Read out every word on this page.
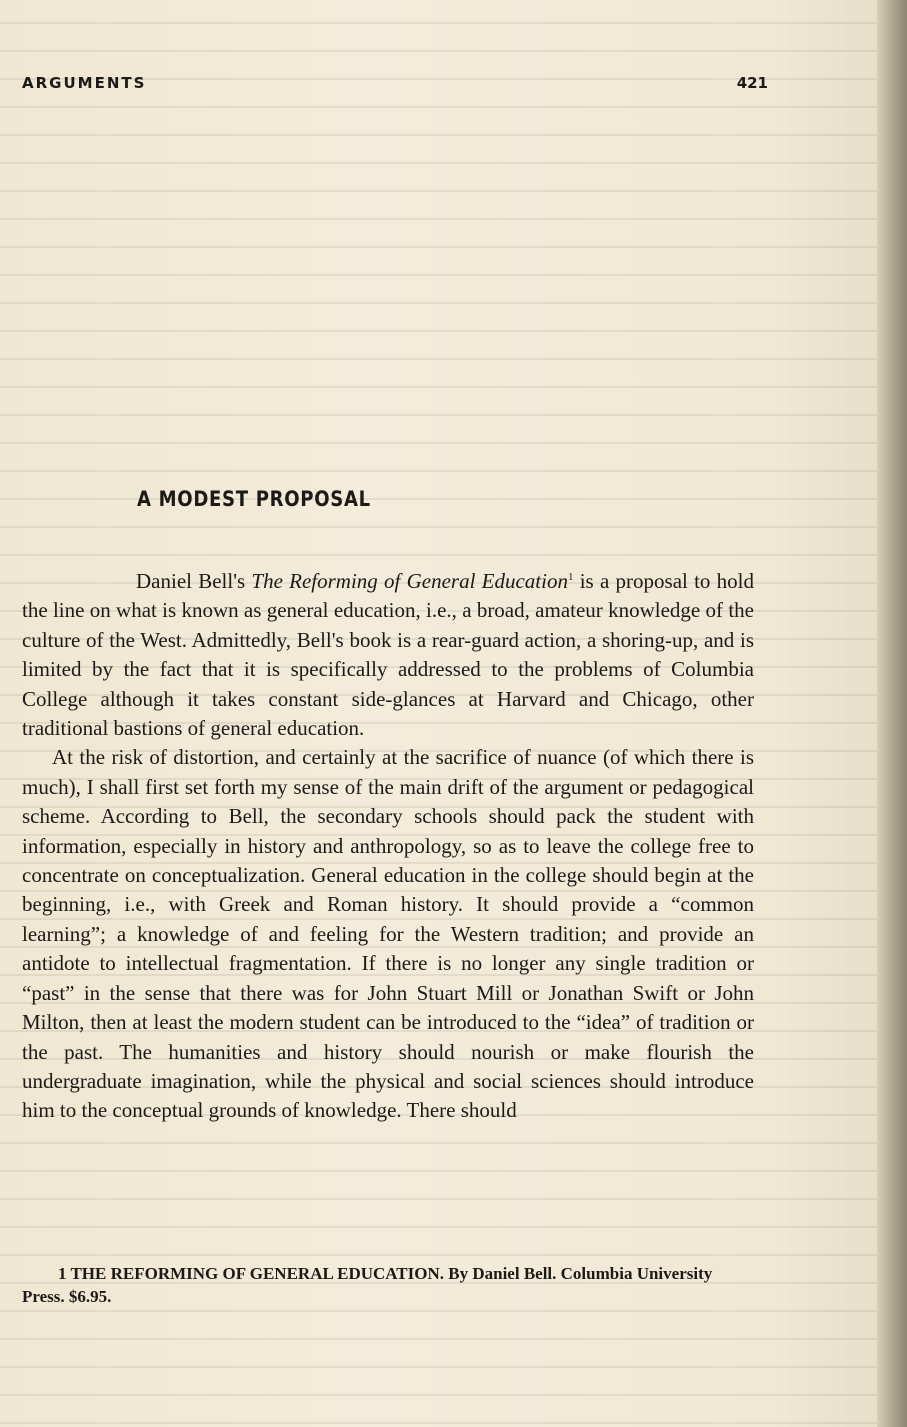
ARGUMENTS	421
A MODEST PROPOSAL

Daniel Bell's The Reforming of General Education$^1$ is a proposal to hold the line on what is known as general education, i.e., a broad, amateur knowledge of the culture of the West. Admittedly, Bell's book is a rear-guard action, a shoring-up, and is limited by the fact that it is specifically addressed to the problems of Columbia College although it takes constant side-glances at Harvard and Chicago, other traditional bastions of general education.

At the risk of distortion, and certainly at the sacrifice of nuance (of which there is much), I shall first set forth my sense of the main drift of the argument or pedagogical scheme. According to Bell, the secondary schools should pack the student with information, especially in history and anthropology, so as to leave the college free to concentrate on conceptualization. General education in the college should begin at the beginning, i.e., with Greek and Roman history. It should provide a “common learning”; a knowledge of and feeling for the Western tradition; and provide an antidote to intellectual fragmentation. If there is no longer any single tradition or “past” in the sense that there was for John Stuart Mill or Jonathan Swift or John Milton, then at least the modern student can be introduced to the “idea” of tradition or the past. The humanities and history should nourish or make flourish the undergraduate imagination, while the physical and social sciences should introduce him to the conceptual grounds of knowledge. There should

1 THE REFORMING OF GENERAL EDUCATION. By Daniel Bell. Columbia University Press. $6.95.
